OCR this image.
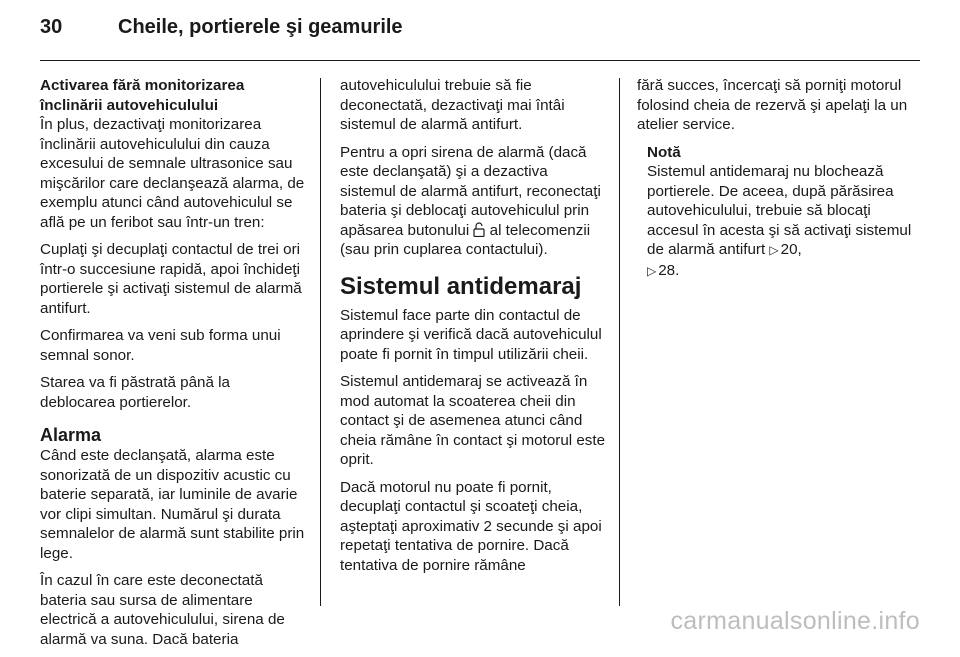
30	Cheile, portierele şi geamurile

Activarea fără monitorizarea înclinării autovehiculului

În plus, dezactivaţi monitorizarea înclinării autovehiculului din cauza excesului de semnale ultrasonice sau mişcărilor care declanşează alarma, de exemplu atunci când autovehiculul se află pe un feribot sau într-un tren:

Cuplaţi şi decuplaţi contactul de trei ori într-o succesiune rapidă, apoi închideţi portierele şi activaţi sistemul de alarmă antifurt.

Confirmarea va veni sub forma unui semnal sonor.

Starea va fi păstrată până la deblocarea portierelor.

Alarma

Când este declanşată, alarma este sonorizată de un dispozitiv acustic cu baterie separată, iar luminile de avarie vor clipi simultan. Numărul şi durata semnalelor de alarmă sunt stabilite prin lege.

În cazul în care este deconectată bateria sau sursa de alimentare electrică a autovehiculului, sirena de alarmă va suna. Dacă bateria

autovehiculului trebuie să fie deconectată, dezactivaţi mai întâi sistemul de alarmă antifurt.

Pentru a opri sirena de alarmă (dacă este declanşată) şi a dezactiva sistemul de alarmă antifurt, reconectaţi bateria şi deblocaţi autovehiculul prin apăsarea butonului  al telecomenzii (sau prin cuplarea contactului).

Sistemul antidemaraj

Sistemul face parte din contactul de aprindere şi verifică dacă autovehiculul poate fi pornit în timpul utilizării cheii.

Sistemul antidemaraj se activează în mod automat la scoaterea cheii din contact şi de asemenea atunci când cheia rămâne în contact şi motorul este oprit.

Dacă motorul nu poate fi pornit, decuplaţi contactul şi scoateţi cheia, aşteptaţi aproximativ 2 secunde şi apoi repetaţi tentativa de pornire. Dacă tentativa de pornire rămâne

fără succes, încercaţi să porniţi motorul folosind cheia de rezervă şi apelaţi la un atelier service.

Notă

Sistemul antidemaraj nu blochează portierele. De aceea, după părăsirea autovehiculului, trebuie să blocaţi accesul în acesta şi să activaţi sistemul de alarmă antifurt ▷ 20,
▷ 28.

carmanualsonline.info
